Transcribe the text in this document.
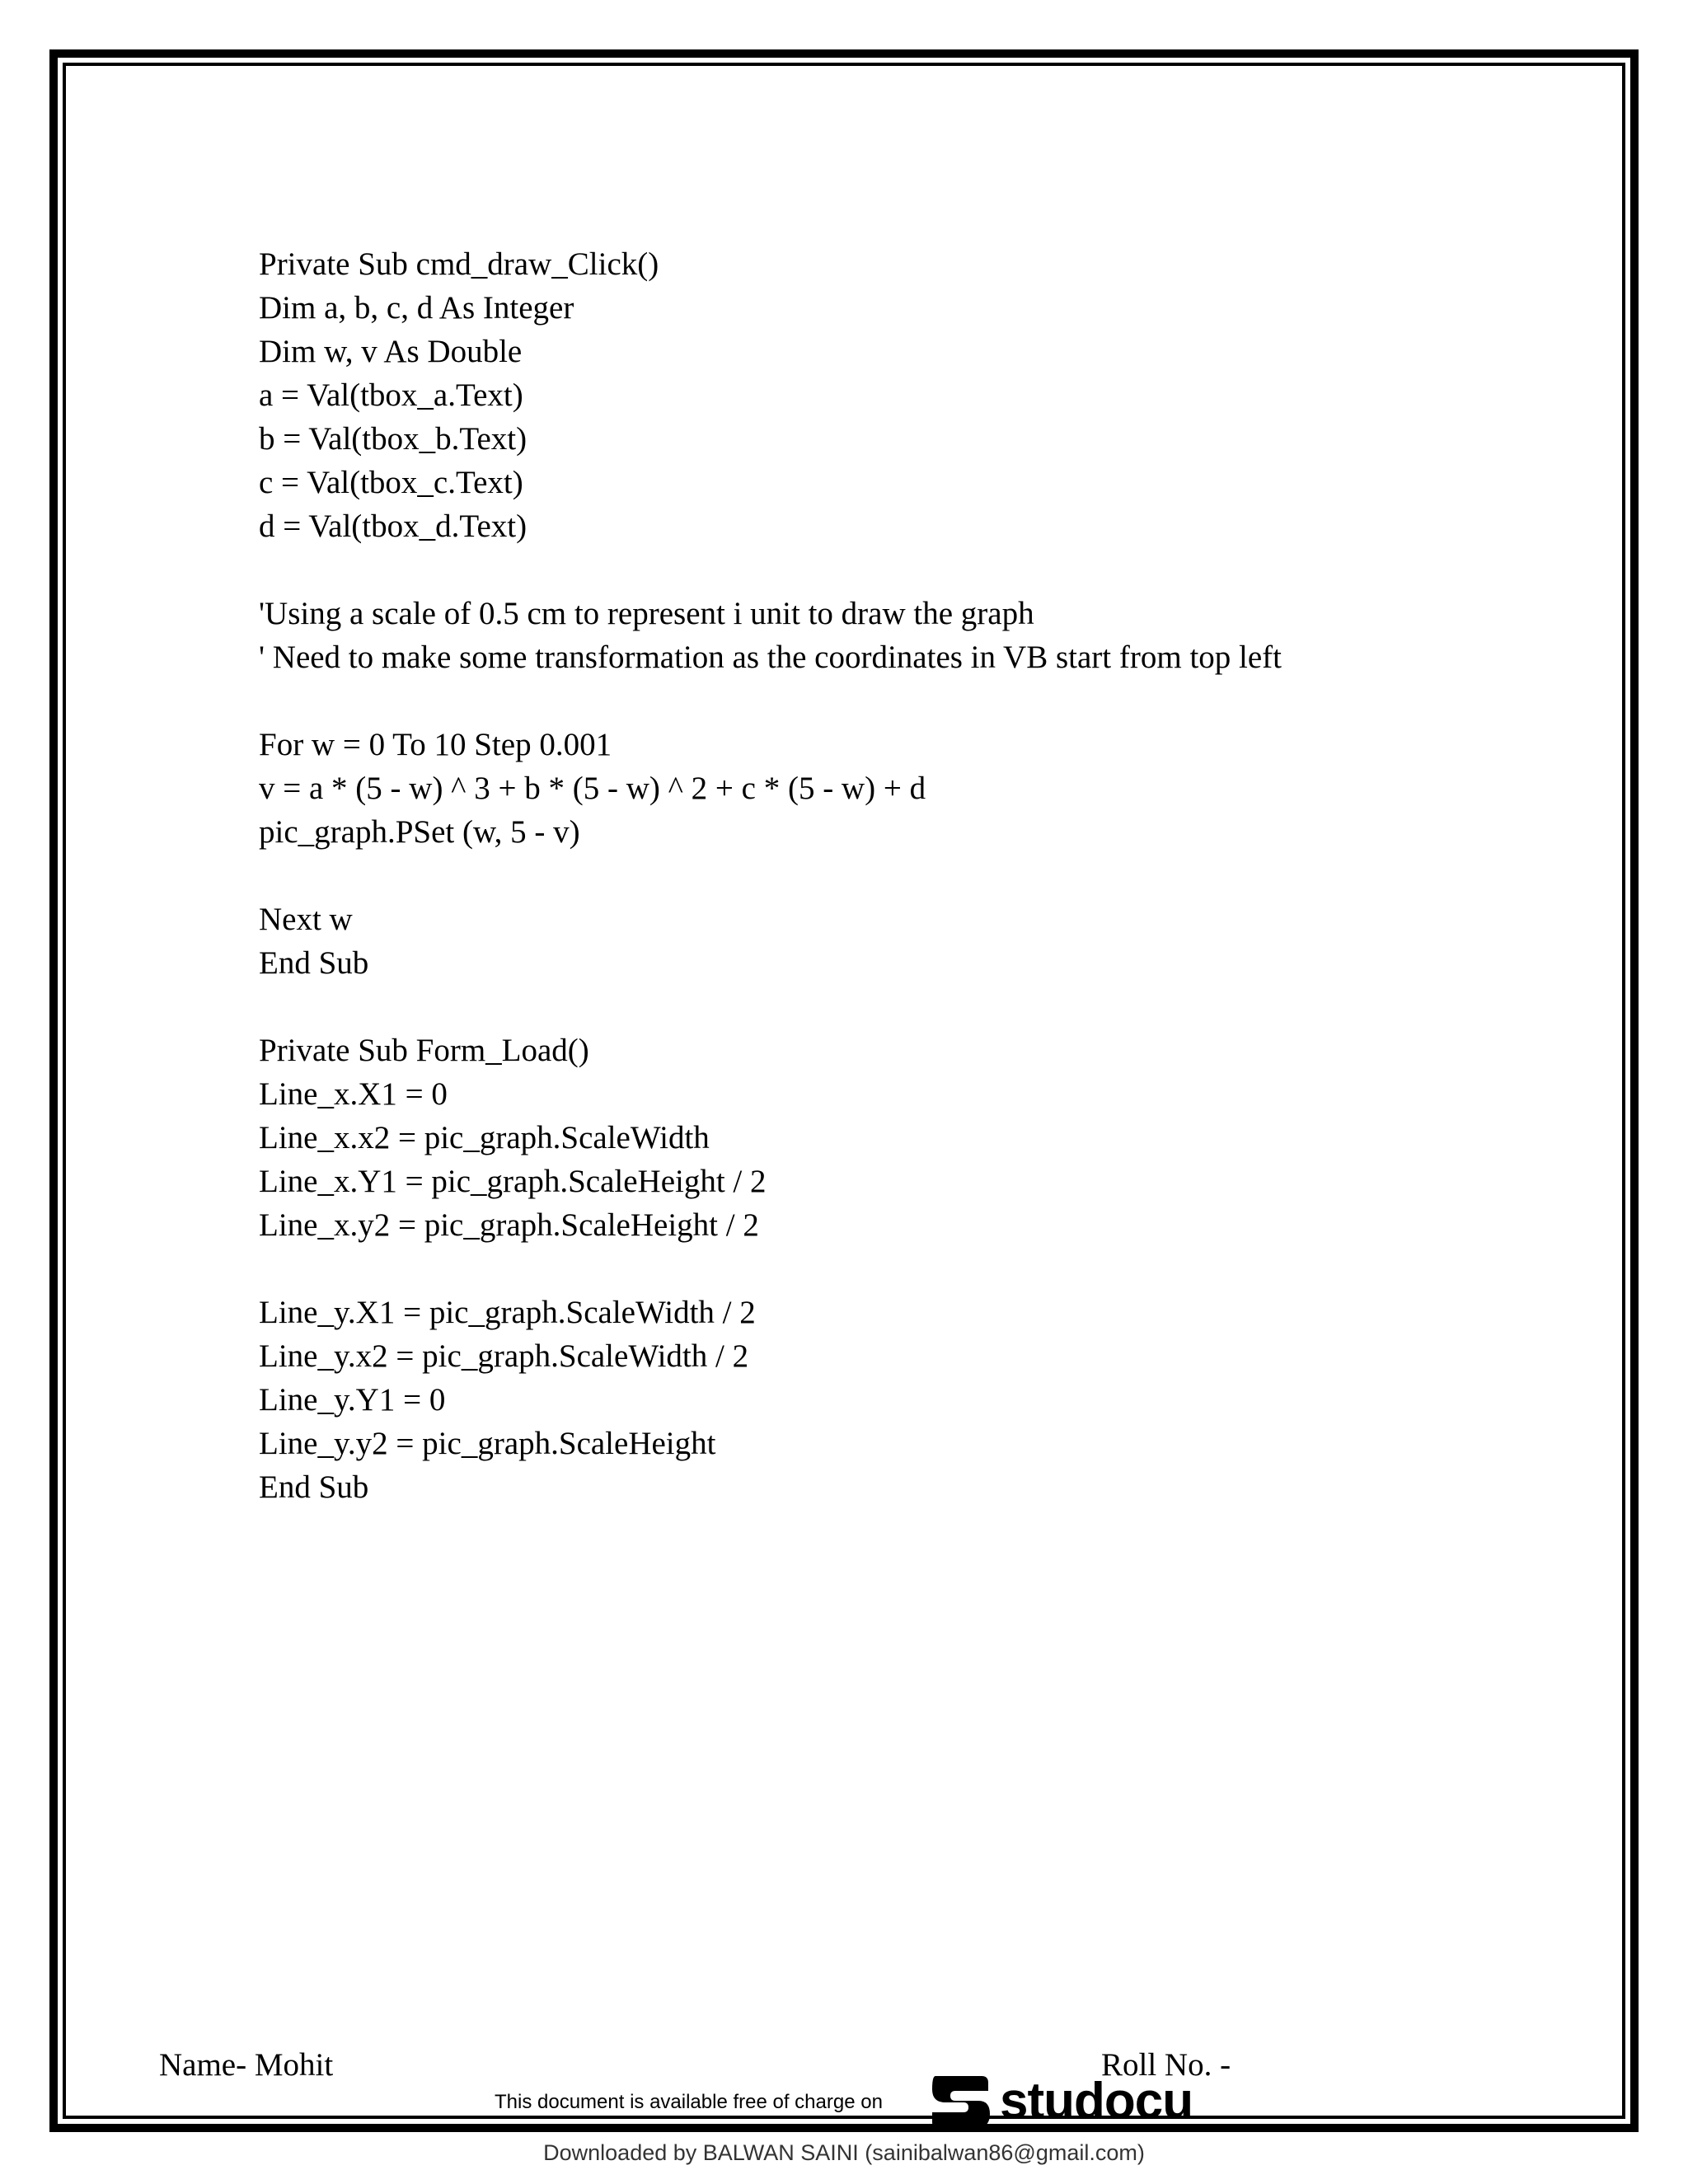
Private Sub cmd_draw_Click()
Dim a, b, c, d As Integer
Dim w, v As Double
a = Val(tbox_a.Text)
b = Val(tbox_b.Text)
c = Val(tbox_c.Text)
d = Val(tbox_d.Text)
'Using a scale of 0.5 cm to represent i unit to draw the graph
' Need to make some transformation as the coordinates in VB start from top left
For w = 0 To 10 Step 0.001
v = a * (5 - w) ^ 3 + b * (5 - w) ^ 2 + c * (5 - w) + d
pic_graph.PSet (w, 5 - v)
Next w
End Sub
Private Sub Form_Load()
Line_x.X1 = 0
Line_x.x2 = pic_graph.ScaleWidth
Line_x.Y1 = pic_graph.ScaleHeight / 2
Line_x.y2 = pic_graph.ScaleHeight / 2
Line_y.X1 = pic_graph.ScaleWidth / 2
Line_y.x2 = pic_graph.ScaleWidth / 2
Line_y.Y1 = 0
Line_y.y2 = pic_graph.ScaleHeight
End Sub
Name- Mohit	Roll No. -
This document is available free of charge on studocu
Downloaded by BALWAN SAINI (sainibalwan86@gmail.com)
